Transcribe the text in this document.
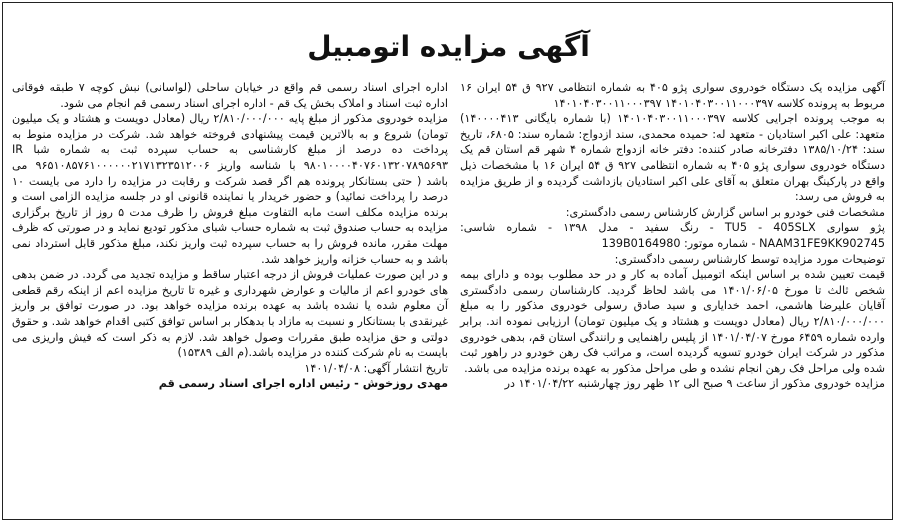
آگهی مزایده اتومبیل

آگهی مزایده یک دستگاه خودروی سواری پژو ۴۰۵ به شماره انتظامی ۹۲۷ ق ۵۴ ایران ۱۶ مربوط به پرونده کلاسه ۱۴۰۱۰۴۰۳۰۰۱۱۰۰۰۳۹۷ ۱۴۰۱۰۴۰۳۰۰۱۱۰۰۰۳۹۷

به موجب پرونده اجرایی کلاسه ۱۴۰۱۰۴۰۳۰۰۱۱۰۰۰۳۹۷ (با شماره بایگانی ۱۴۰۰۰۰۴۱۳) متعهد: علی اکبر استادیان - متعهد له: حمیده محمدی، سند ازدواج: شماره سند: ۶۸۰۵، تاریخ سند: ۱۳۸۵/۱۰/۲۴ دفترخانه صادر کننده: دفتر خانه ازدواج شماره ۴ شهر قم استان قم یک دستگاه خودروی سواری پژو ۴۰۵ به شماره انتظامی ۹۲۷ ق ۵۴ ایران ۱۶ با مشخصات ذیل واقع در پارکینگ بهران متعلق به آقای علی اکبر استادیان بازداشت گردیده و از طریق مزایده به فروش می رسد:

مشخصات فنی خودرو بر اساس گزارش کارشناس رسمی دادگستری:

پژو سواری TU5 - 405SLX - رنگ سفید - مدل ۱۳۹۸ - شماره شاسی: NAAM31FE9KK902745 - شماره موتور: 139B0164980

توضیحات مورد مزایده توسط کارشناس رسمی دادگستری:

قیمت تعیین شده بر اساس اینکه اتومبیل آماده به کار و در حد مطلوب بوده و دارای بیمه شخص ثالث تا مورخ ۱۴۰۱/۰۶/۰۵ می باشد لحاظ گردید. کارشناسان رسمی دادگستری آقایان علیرضا هاشمی، احمد خدایاری و سید صادق رسولی خودروی مذکور را به مبلغ ۲/۸۱۰/۰۰۰/۰۰۰ ریال (معادل دویست و هشتاد و یک میلیون تومان) ارزیابی نموده اند. برابر وارده شماره ۶۴۵۹ مورخ ۱۴۰۱/۰۴/۰۷ از پلیس راهنمایی و رانندگی استان قم، بدهی خودروی مذکور در شرکت ایران خودرو تسویه گردیده است، و مراتب فک رهن خودرو در راهور ثبت شده ولی مراحل فک رهن انجام نشده و طی مراحل مذکور به عهده برنده مزایده می باشد.

مزایده خودروی مذکور از ساعت ۹ صبح الی ۱۲ ظهر روز چهارشنبه ۱۴۰۱/۰۴/۲۲ در

اداره اجرای اسناد رسمی قم واقع در خیابان ساحلی (لواسانی) نبش کوچه ۷ طبقه فوقانی اداره ثبت اسناد و املاک بخش یک قم - اداره اجرای اسناد رسمی قم انجام می شود.

مزایده خودروی مذکور از مبلغ پایه ۲/۸۱۰/۰۰۰/۰۰۰ ریال (معادل دویست و هشتاد و یک میلیون تومان) شروع و به بالاترین قیمت پیشنهادی فروخته خواهد شد. شرکت در مزایده منوط به پرداخت ده درصد از مبلغ کارشناسی به حساب سپرده ثبت به شماره شبا IR ۹۸۰۱۰۰۰۰۴۰۷۶۰۱۳۲۰۷۸۹۵۶۹۳ با شناسه واریز ۹۶۵۱۰۸۵۷۶۱۰۰۰۰۰۰۲۱۷۱۳۲۳۵۱۲۰۰۶ می باشد ( حتی بستانکار پرونده هم اگر قصد شرکت و رقابت در مزایده را دارد می بایست ۱۰ درصد را پرداخت نمائید) و حضور خریدار یا نماینده قانونی او در جلسه مزایده الزامی است و برنده مزایده مکلف است مابه التفاوت مبلغ فروش را ظرف مدت ۵ روز از تاریخ برگزاری مزایده به حساب صندوق ثبت به شماره حساب شبای مذکور تودیع نماید و در صورتی که ظرف مهلت مقرر، مانده فروش را به حساب سپرده ثبت واریز نکند، مبلغ مذکور قابل استرداد نمی باشد و به حساب خزانه واریز خواهد شد.

و در این صورت عملیات فروش از درجه اعتبار ساقط و مزایده تجدید می گردد. در ضمن بدهی های خودرو اعم از مالیات و عوارض شهرداری و غیره تا تاریخ مزایده اعم از اینکه رقم قطعی آن معلوم شده یا نشده باشد به عهده برنده مزایده خواهد بود. در صورت توافق بر واریز غیرنقدی با بستانکار و نسبت به مازاد با بدهکار بر اساس توافق کتبی اقدام خواهد شد. و حقوق دولتی و حق مزایده طبق مقررات وصول خواهد شد. لازم به ذکر است که فیش واریزی می بایست به نام شرکت کننده در مزایده باشد.(م الف ۱۵۳۸۹)

تاریخ انتشار آگهی: ۱۴۰۱/۰۴/۰۸

مهدی روزخوش - رئیس اداره اجرای اسناد رسمی قم
